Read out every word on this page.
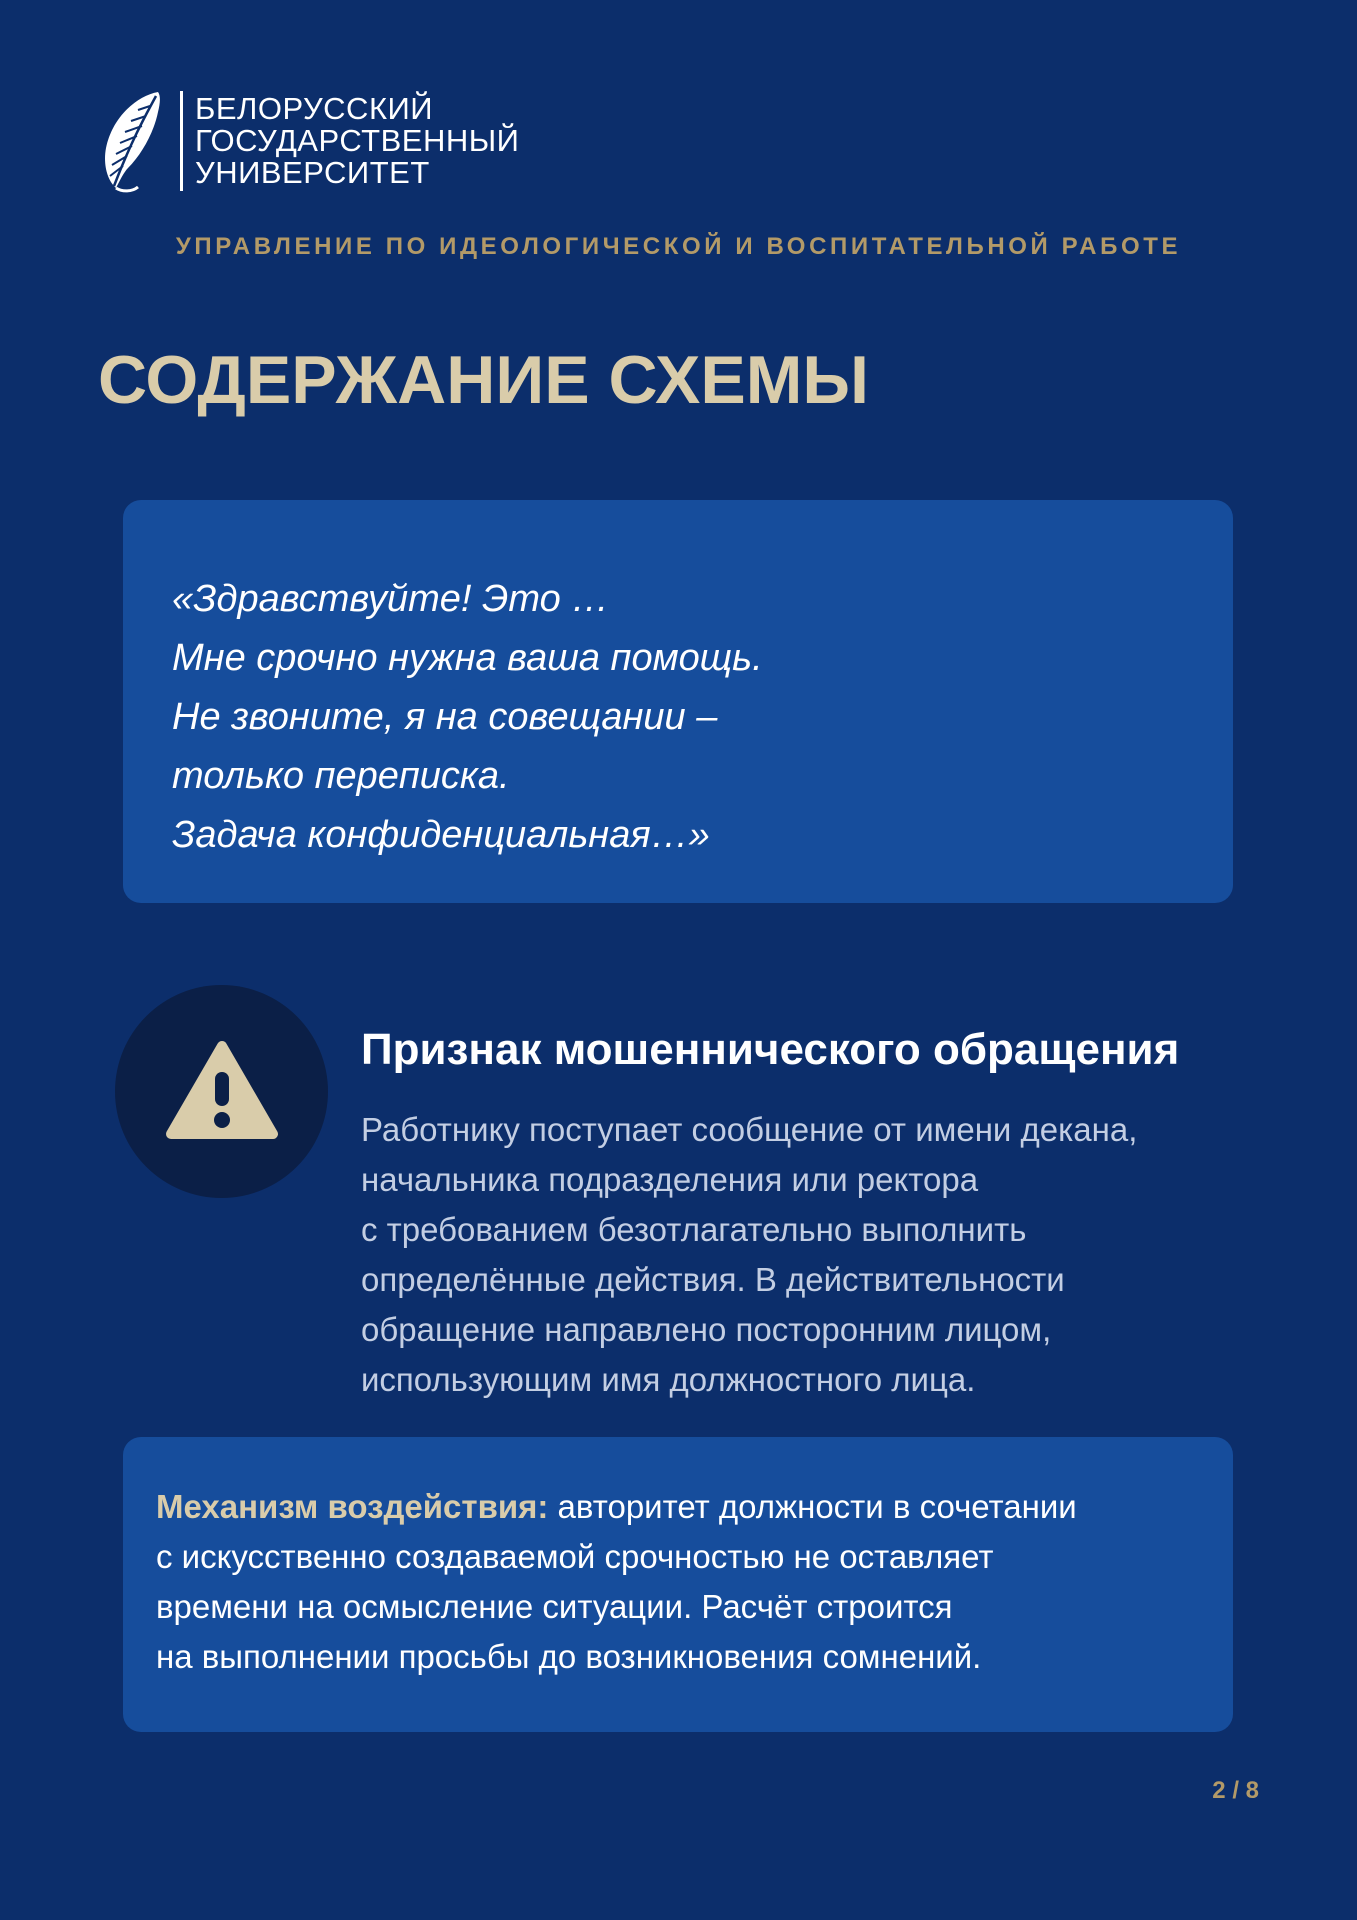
БЕЛОРУССКИЙ
ГОСУДАРСТВЕННЫЙ
УНИВЕРСИТЕТ
УПРАВЛЕНИЕ ПО ИДЕОЛОГИЧЕСКОЙ И ВОСПИТАТЕЛЬНОЙ РАБОТЕ
СОДЕРЖАНИЕ СХЕМЫ
«Здравствуйте! Это …
Мне срочно нужна ваша помощь.
Не звоните, я на совещании –
только переписка.
Задача конфиденциальная…»
Признак мошеннического обращения
Работнику поступает сообщение от имени декана,
начальника подразделения или ректора
с требованием безотлагательно выполнить
определённые действия. В действительности
обращение направлено посторонним лицом,
использующим имя должностного лица.
Механизм воздействия: авторитет должности в сочетании
с искусственно создаваемой срочностью не оставляет
времени на осмысление ситуации. Расчёт строится
на выполнении просьбы до возникновения сомнений.
2 / 8
